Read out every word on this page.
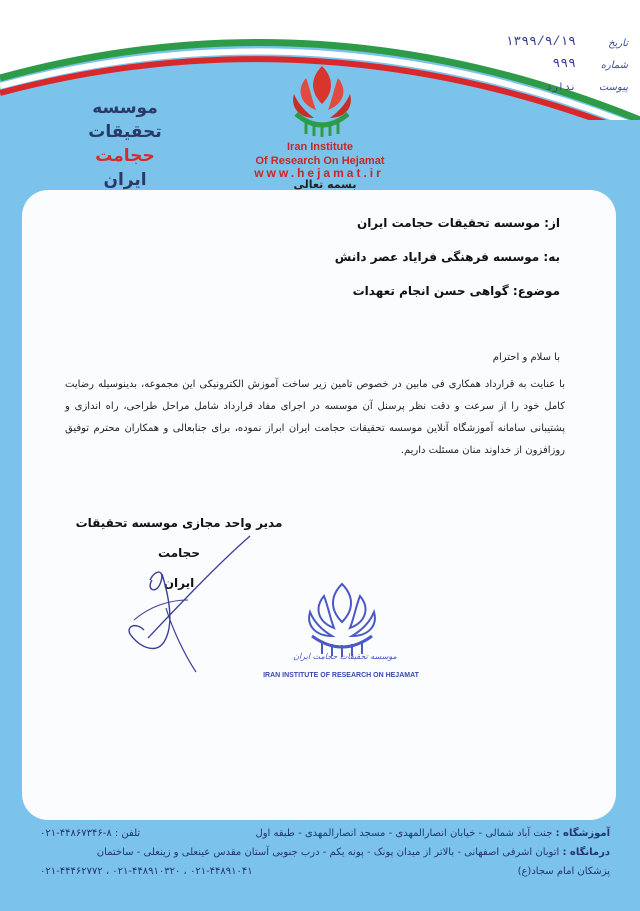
تاریخ
۱۳۹۹/۹/۱۹
شماره
۹۹۹
پیوست
ندارد
موسسه
تحقیقات
حجامت
ایران
Iran Institute
Of Research On Hejamat
www.hejamat.ir
بسمه تعالی
از: موسسه تحقیقات حجامت ایران
به: موسسه فرهنگی فرایاد عصر دانش
موضوع: گواهی حسن انجام تعهدات
با سلام و احترام
با عنایت به قرارداد همکاری فی مابین در خصوص تامین زیر ساخت آموزش الکترونیکی این مجموعه، بدینوسیله رضایت کامل خود را از سرعت و دقت نظر پرسنل آن موسسه در اجرای مفاد قرارداد شامل مراحل طراحی، راه اندازی و پشتیبانی سامانه آموزشگاه آنلاین موسسه تحقیقات حجامت ایران ابراز نموده، برای جنابعالی و همکاران محترم توفیق روزافزون از خداوند منان مسئلت داریم.
مدیر واحد مجازی موسسه تحقیقات حجامت
ایران
موسسه تحقیقات حجامت ایران
IRAN INSTITUTE OF RESEARCH ON HEJAMAT
آموزشگاه : جنت آباد شمالی - خیابان انصارالمهدی - مسجد انصارالمهدی - طبقه اول
تلفن : ۸-۴۴۸۶۷۳۴۶-۰۲۱
درمانگاه : اتوبان اشرفی اصفهانی - بالاتر از میدان پونک - پونه یکم - درب جنوبی آستان مقدس عینعلی و زینعلی - ساختمان
پزشکان امام سجاد(ع)
۰۲۱-۴۴۸۹۱۰۴۱ ، ۰۲۱-۴۴۸۹۱۰۳۲۰ ، ۰۲۱-۴۴۴۶۲۷۷۲
